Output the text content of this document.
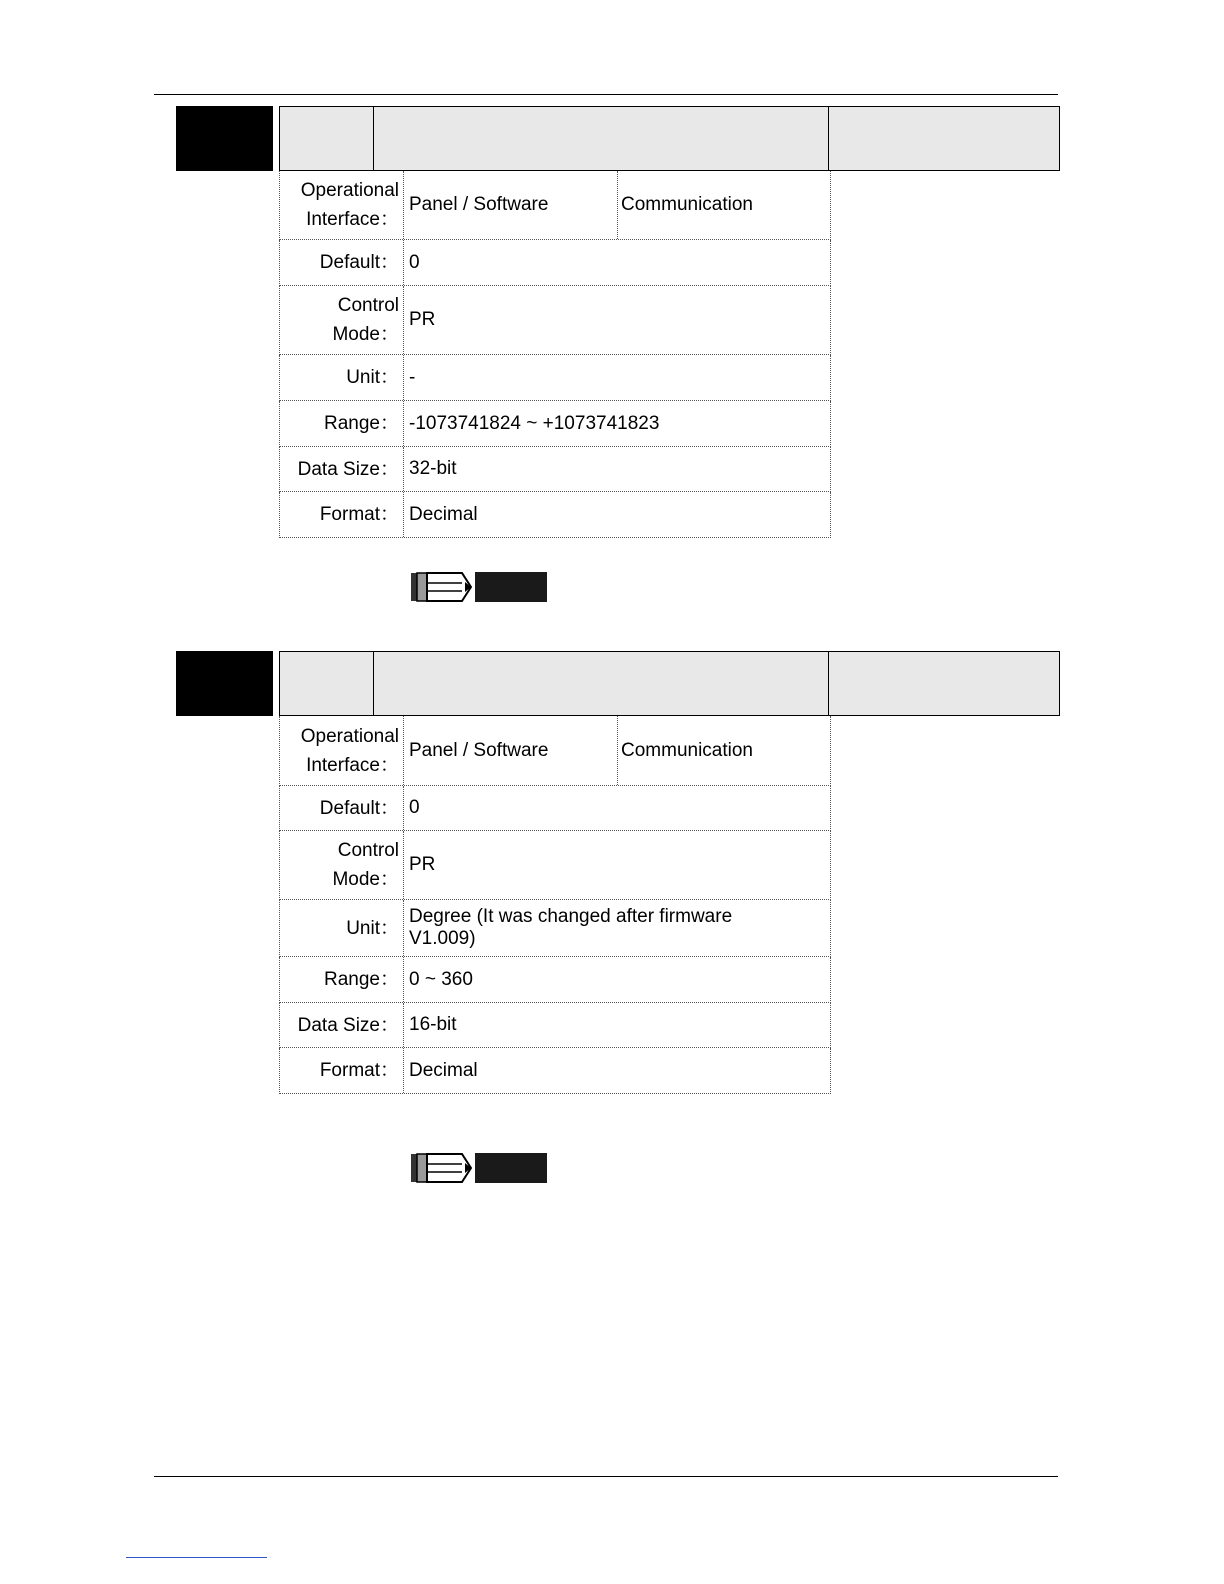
Operational
Interface：
Panel / Software	Communication
Default： 0
Control
Mode：
PR
Unit： -
Range： -1073741824 ~ +1073741823
Data Size： 32-bit
Format： Decimal
Operational
Interface：
Panel / Software	Communication
Default： 0
Control
Mode：
PR
Unit：
Degree (It was changed after firmware V1.009)
Range： 0 ~ 360
Data Size： 16-bit
Format： Decimal
